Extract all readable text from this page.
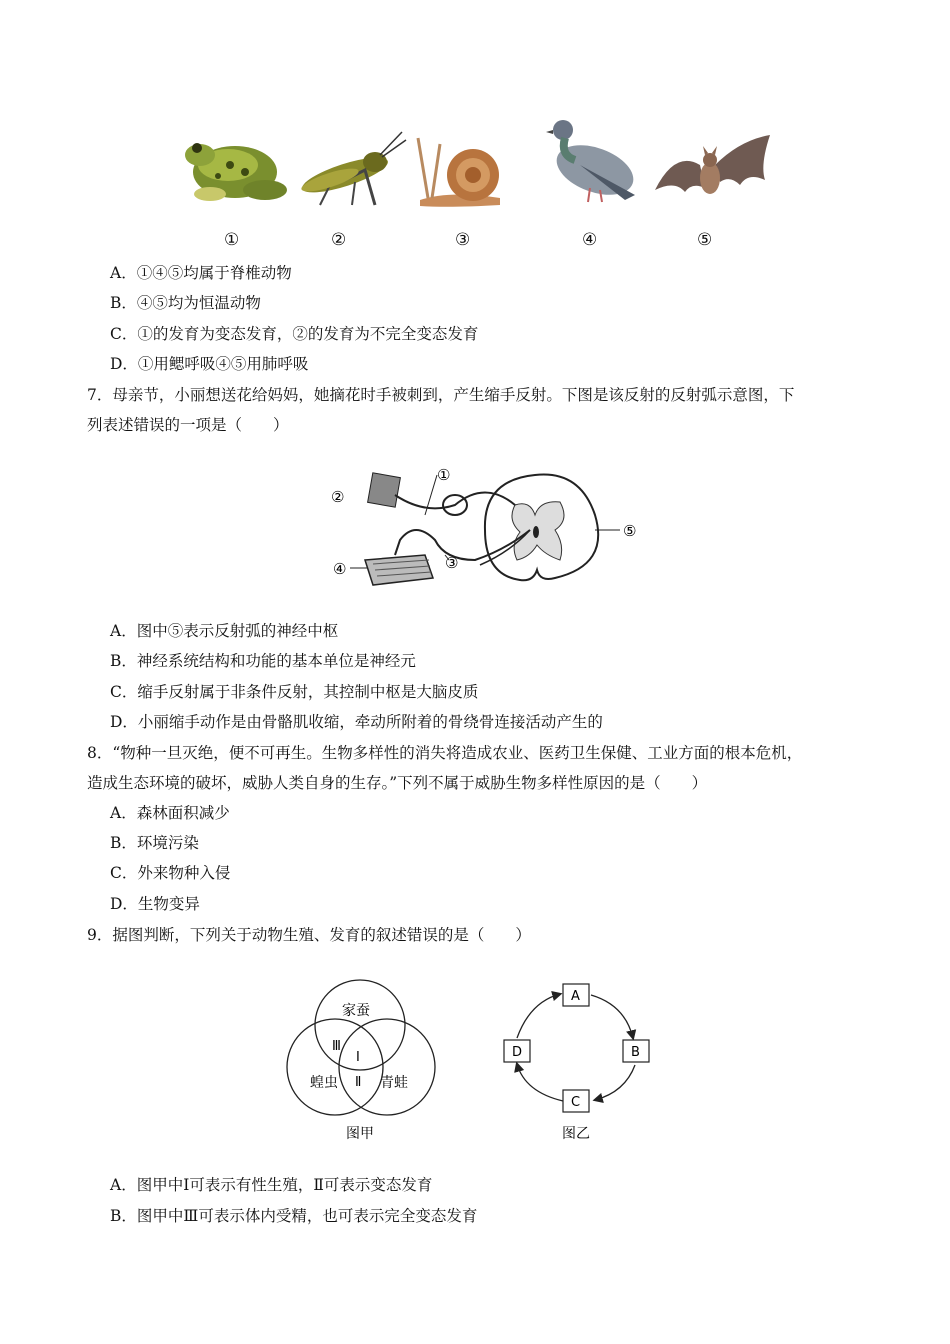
①	②	③	④	⑤
A．①④⑤均属于脊椎动物
B．④⑤均为恒温动物
C．①的发育为变态发育，②的发育为不完全变态发育
D．①用鳃呼吸④⑤用肺呼吸
7．母亲节，小丽想送花给妈妈，她摘花时手被刺到，产生缩手反射。下图是该反射的反射弧示意图，下
列表述错误的一项是（　　）
①
②
③
④
⑤
A．图中⑤表示反射弧的神经中枢
B．神经系统结构和功能的基本单位是神经元
C．缩手反射属于非条件反射，其控制中枢是大脑皮质
D．小丽缩手动作是由骨骼肌收缩，牵动所附着的骨绕骨连接活动产生的
8．“物种一旦灭绝，便不可再生。生物多样性的消失将造成农业、医药卫生保健、工业方面的根本危机，
造成生态环境的破坏，威胁人类自身的生存。”下列不属于威胁生物多样性原因的是（　　）
A．森林面积减少
B．环境污染
C．外来物种入侵
D．生物变异
9．据图判断，下列关于动物生殖、发育的叙述错误的是（　　）
家蚕
蝗虫	青蛙
I
Ⅱ
Ⅲ
图甲
A
B
C
D
图乙
A．图甲中Ⅰ可表示有性生殖，Ⅱ可表示变态发育
B．图甲中Ⅲ可表示体内受精，也可表示完全变态发育
